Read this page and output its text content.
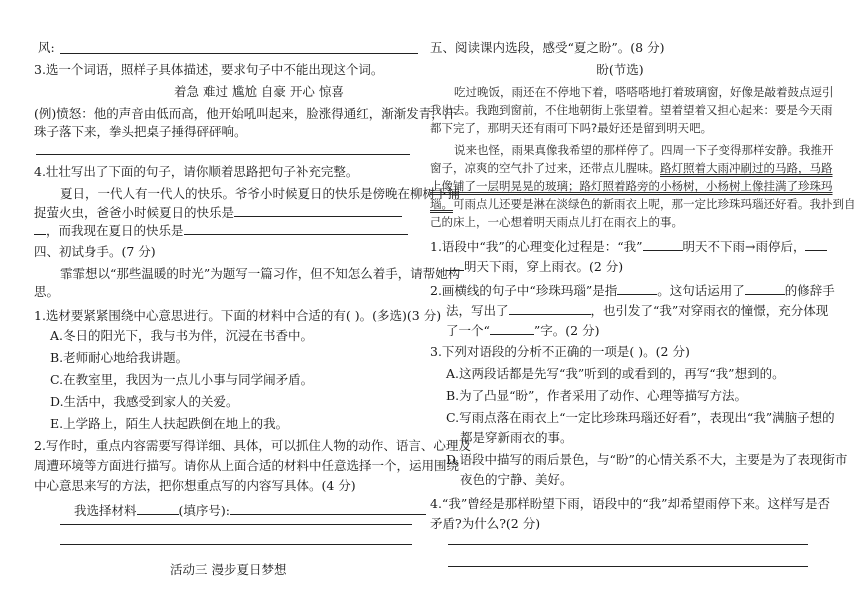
风:
3.选一个词语，照样子具体描述，要求句子中不能出现这个词。
着急 难过 尴尬 自豪 开心 惊喜
(例)愤怒：他的声音由低而高，他开始吼叫起来，脸涨得通红，渐渐发青，汗
珠子落下来，拳头把桌子捶得砰砰响。
4.壮壮写出了下面的句子，请你顺着思路把句子补充完整。
夏日，一代人有一代人的快乐。爷爷小时候夏日的快乐是傍晚在柳树下捕
捉萤火虫，爸爸小时候夏日的快乐是
，而我现在夏日的快乐是
四、初试身手。(7 分)
霏霏想以“那些温暖的时光”为题写一篇习作，但不知怎么着手，请帮她构
思。
1.选材要紧紧围绕中心意思进行。下面的材料中合适的有( )。(多选)(3 分)
A.冬日的阳光下，我与书为伴，沉浸在书香中。
B.老师耐心地给我讲题。
C.在教室里，我因为一点儿小事与同学闹矛盾。
D.生活中，我感受到家人的关爱。
E.上学路上，陌生人扶起跌倒在地上的我。
2.写作时，重点内容需要写得详细、具体，可以抓住人物的动作、语言、心理及
周遭环境等方面进行描写。请你从上面合适的材料中任意选择一个，运用围绕
中心意思来写的方法，把你想重点写的内容写具体。(4 分)
我选择材料	(填序号):
活动三 漫步夏日梦想
五、阅读课内选段，感受“夏之盼”。(8 分)
盼(节选)
吃过晚饭，雨还在不停地下着，嗒嗒嗒地打着玻璃窗，好像是敲着鼓点逗引
我出去。我跑到窗前，不住地朝街上张望着。望着望着又担心起来：要是今天雨
都下完了，那明天还有雨可下吗?最好还是留到明天吧。
说来也怪，雨果真像我希望的那样停了。四周一下子变得那样安静。我推开
窗子，凉爽的空气扑了过来，还带点儿腥味。路灯照着大雨冲刷过的马路，马路
上像铺了一层明晃晃的玻璃；路灯照着路旁的小杨树，小杨树上像挂满了珍珠玛
瑙。可雨点儿还要是淋在淡绿色的新雨衣上呢，那一定比珍珠玛瑙还好看。我扑到自
己的床上，一心想着明天雨点儿打在雨衣上的事。
1.语段中“我”的心理变化过程是：“我”	明天不下雨→雨停后，
明天下雨，穿上雨衣。(2 分)
2.画横线的句子中“珍珠玛瑙”是指	。这句话运用了	的修辞手
法，写出了	，也引发了“我”对穿雨衣的憧憬，充分体现
了一个“	”字。(2 分)
3.下列对语段的分析不正确的一项是( )。(2 分)
A.这两段话都是先写“我”听到的或看到的，再写“我”想到的。
B.为了凸显“盼”，作者采用了动作、心理等描写方法。
C.写雨点落在雨衣上“一定比珍珠玛瑙还好看”，表现出“我”满脑子想的
都是穿新雨衣的事。
D.语段中描写的雨后景色，与“盼”的心情关系不大，主要是为了表现街市
夜色的宁静、美好。
4.“我”曾经是那样盼望下雨，语段中的“我”却希望雨停下来。这样写是否
矛盾?为什么?(2 分)
